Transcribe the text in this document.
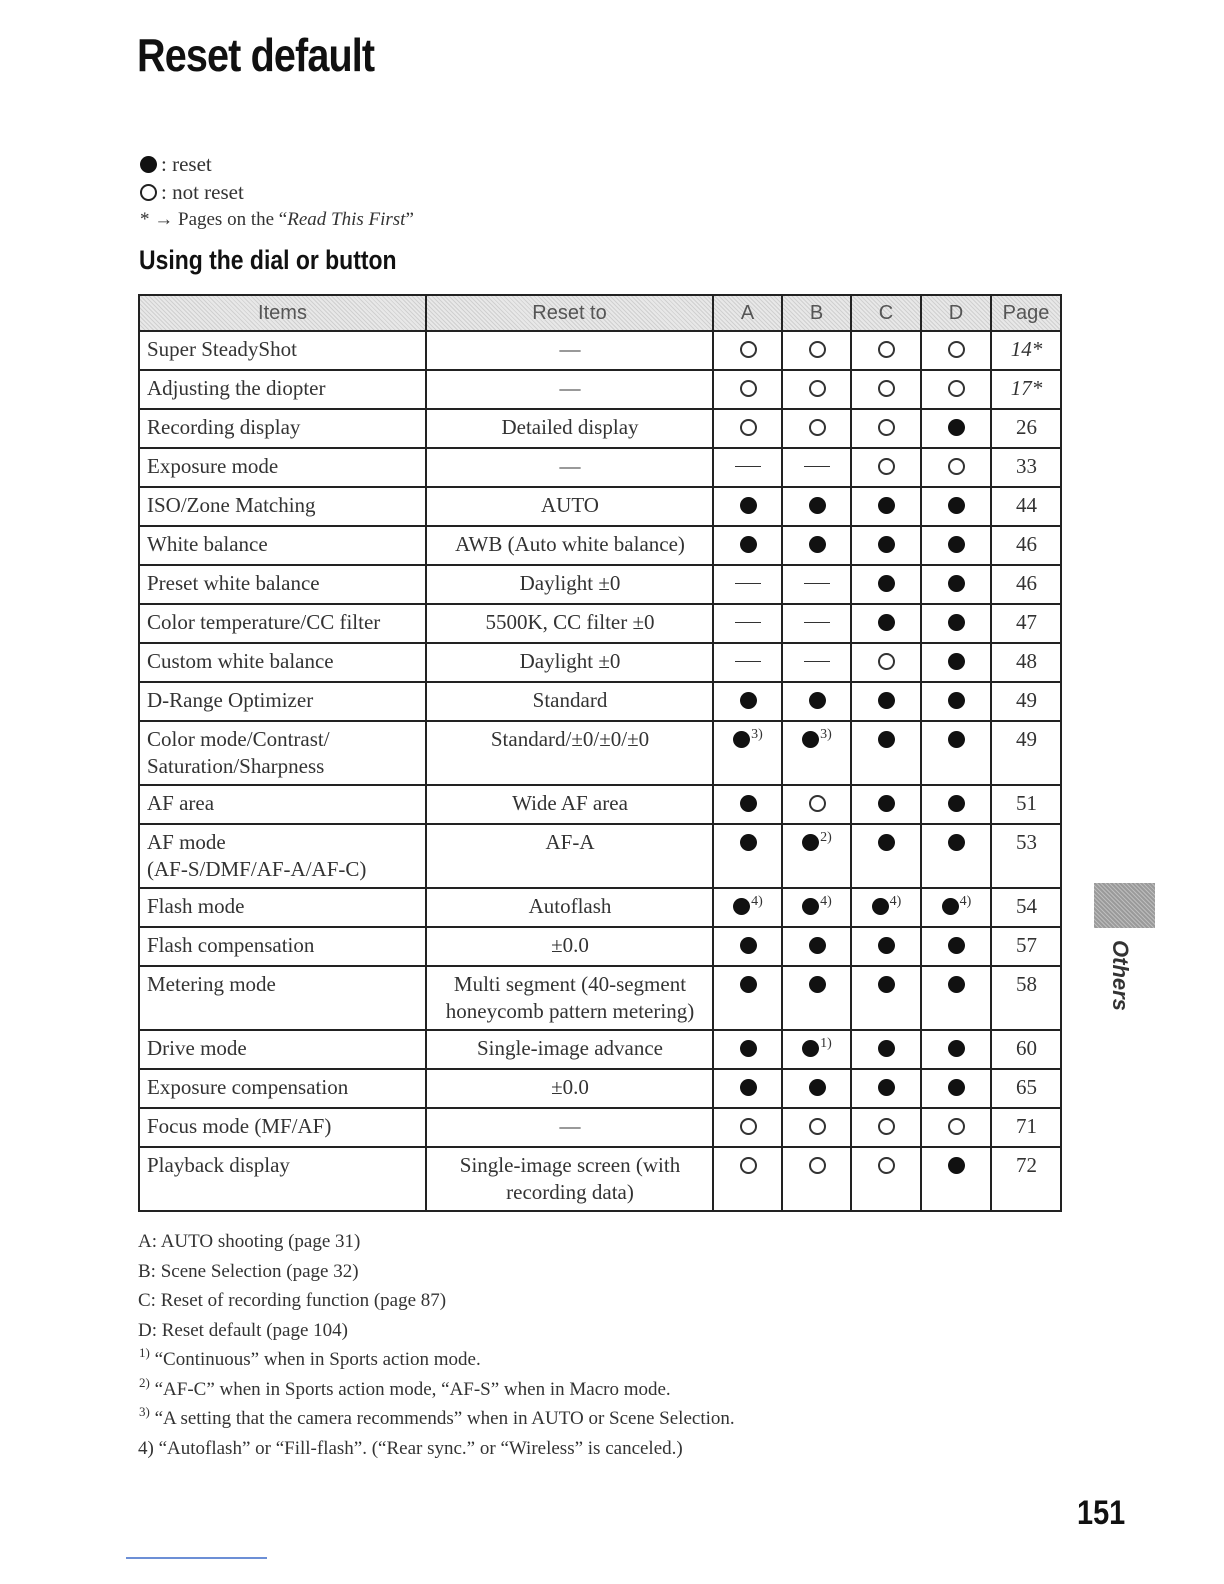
Reset default
: reset
: not reset
* → Pages on the “ Read This First ”
Using the dial or button
Items	Reset to	A	B	C	D	Page
Super SteadyShot	—					14*
Adjusting the diopter	—					17*
Recording display	Detailed display					26
Exposure mode	—					33
ISO/Zone Matching	AUTO					44
White balance	AWB (Auto white balance)					46
Preset white balance	Daylight ±0					46
Color temperature/CC filter	5500K, CC filter ±0					47
Custom white balance	Daylight ±0					48
D-Range Optimizer	Standard					49
Color mode/Contrast/
Saturation/Sharpness	Standard/±0/±0/±0	$^{3)}$	$^{3)}$			49
AF area	Wide AF area					51
AF mode
(AF-S/DMF/AF-A/AF-C)	AF-A		$^{2)}$			53
Flash mode	Autoflash	$^{4)}$	$^{4)}$	$^{4)}$	$^{4)}$	54
Flash compensation	±0.0					57
Metering mode	Multi segment (40-segment
honeycomb pattern metering)					58
Drive mode	Single-image advance		$^{1)}$			60
Exposure compensation	±0.0					65
Focus mode (MF/AF)	—					71
Playback display	Single-image screen (with
recording data)					72
A: AUTO shooting (page 31)
B: Scene Selection (page 32)
C: Reset of recording function (page 87)
D: Reset default (page 104)
$^{1)}$ “Continuous” when in Sports action mode.
$^{2)}$ “AF-C” when in Sports action mode, “AF-S” when in Macro mode.
$^{3)}$ “A setting that the camera recommends” when in AUTO or Scene Selection.
4) “Autoflash” or “Fill-flash”. (“Rear sync.” or “Wireless” is canceled.)
Others
151
